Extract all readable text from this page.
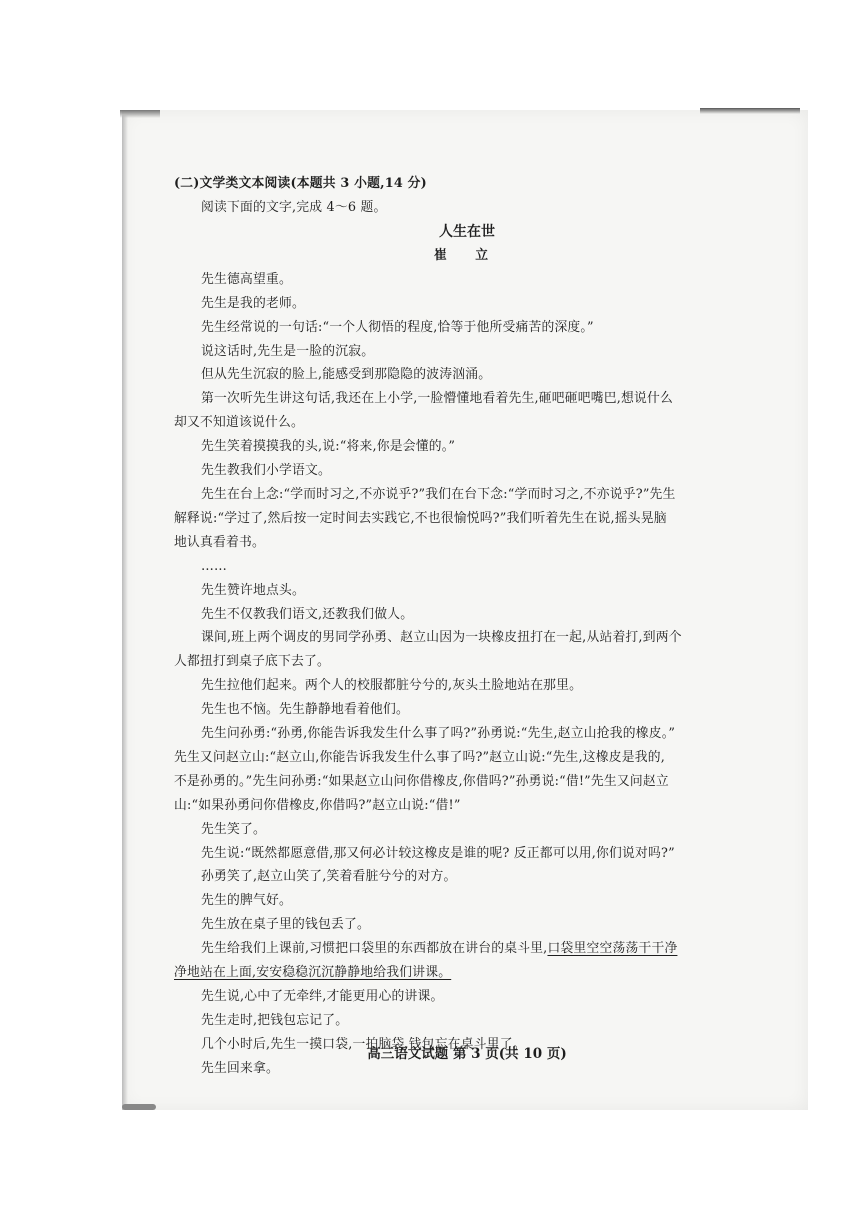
(二)文学类文本阅读(本题共 3 小题,14 分)
阅读下面的文字,完成 4～6 题。
人生在世
崔 立
先生德高望重。
先生是我的老师。
先生经常说的一句话:“一个人彻悟的程度,恰等于他所受痛苦的深度。”
说这话时,先生是一脸的沉寂。
但从先生沉寂的脸上,能感受到那隐隐的波涛汹涌。
第一次听先生讲这句话,我还在上小学,一脸懵懂地看着先生,砸吧砸吧嘴巴,想说什么
却又不知道该说什么。
先生笑着摸摸我的头,说:“将来,你是会懂的。”
先生教我们小学语文。
先生在台上念:“学而时习之,不亦说乎?”我们在台下念:“学而时习之,不亦说乎?”先生
解释说:“学过了,然后按一定时间去实践它,不也很愉悦吗?”我们听着先生在说,摇头晃脑
地认真看着书。
……
先生赞许地点头。
先生不仅教我们语文,还教我们做人。
课间,班上两个调皮的男同学孙勇、赵立山因为一块橡皮扭打在一起,从站着打,到两个
人都扭打到桌子底下去了。
先生拉他们起来。两个人的校服都脏兮兮的,灰头土脸地站在那里。
先生也不恼。先生静静地看着他们。
先生问孙勇:“孙勇,你能告诉我发生什么事了吗?”孙勇说:“先生,赵立山抢我的橡皮。”
先生又问赵立山:“赵立山,你能告诉我发生什么事了吗?”赵立山说:“先生,这橡皮是我的,
不是孙勇的。”先生问孙勇:“如果赵立山问你借橡皮,你借吗?”孙勇说:“借!”先生又问赵立
山:“如果孙勇问你借橡皮,你借吗?”赵立山说:“借!”
先生笑了。
先生说:“既然都愿意借,那又何必计较这橡皮是谁的呢? 反正都可以用,你们说对吗?”
孙勇笑了,赵立山笑了,笑着看脏兮兮的对方。
先生的脾气好。
先生放在桌子里的钱包丢了。
先生给我们上课前,习惯把口袋里的东西都放在讲台的桌斗里,口袋里空空荡荡干干净
净地站在上面,安安稳稳沉沉静静地给我们讲课。
先生说,心中了无牵绊,才能更用心的讲课。
先生走时,把钱包忘记了。
几个小时后,先生一摸口袋,一拍脑袋,钱包忘在桌斗里了。
先生回来拿。
高三语文试题 第 3 页(共 10 页)
